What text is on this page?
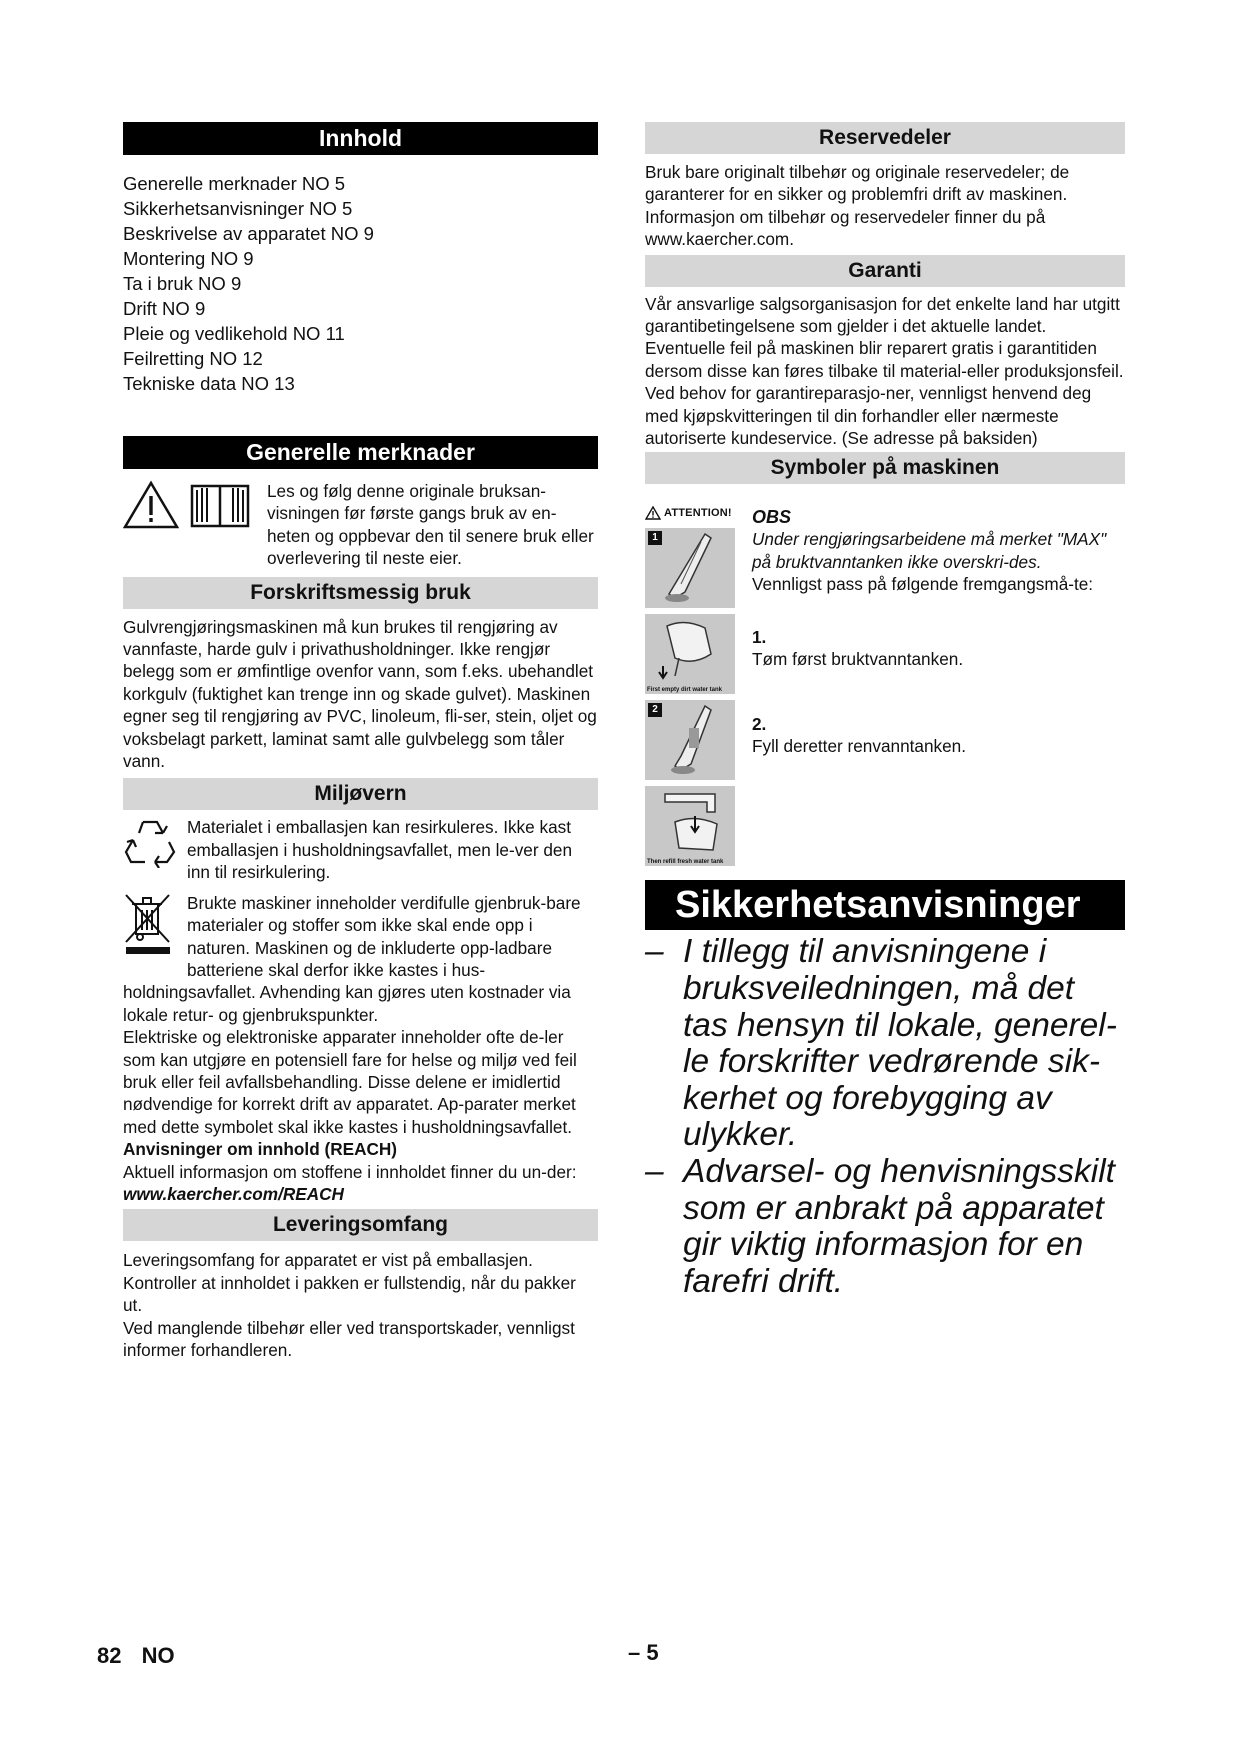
Innhold
Generelle merknader NO 5
Sikkerhetsanvisninger NO 5
Beskrivelse av apparatet NO 9
Montering NO 9
Ta i bruk NO 9
Drift NO 9
Pleie og vedlikehold NO 11
Feilretting NO 12
Tekniske data NO 13
Generelle merknader

Les og følg denne originale bruksan-visningen før første gangs bruk av en-heten og oppbevar den til senere bruk eller overlevering til neste eier.

Forskriftsmessig bruk

Gulvrengjøringsmaskinen må kun brukes til rengjøring av vannfaste, harde gulv i privathusholdninger. Ikke rengjør belegg som er ømfintlige ovenfor vann, som f.eks. ubehandlet korkgulv (fuktighet kan trenge inn og skade gulvet). Maskinen egner seg til rengjøring av PVC, linoleum, fli-ser, stein, oljet og voksbelagt parkett, laminat samt alle gulvbelegg som tåler vann.

Miljøvern

Materialet i emballasjen kan resirkuleres. Ikke kast emballasjen i husholdningsavfallet, men le-ver den inn til resirkulering.

Brukte maskiner inneholder verdifulle gjenbruk-bare materialer og stoffer som ikke skal ende opp i naturen. Maskinen og de inkluderte opp-ladbare batteriene skal derfor ikke kastes i hus-holdningsavfallet. Avhending kan gjøres uten kostnader via lokale retur- og gjenbrukspunkter.

Elektriske og elektroniske apparater inneholder ofte de-ler som kan utgjøre en potensiell fare for helse og miljø ved feil bruk eller feil avfallsbehandling. Disse delene er imidlertid nødvendige for korrekt drift av apparatet. Ap-parater merket med dette symbolet skal ikke kastes i husholdningsavfallet.

Anvisninger om innhold (REACH)

Aktuell informasjon om stoffene i innholdet finner du un-der:

www.kaercher.com/REACH

Leveringsomfang

Leveringsomfang for apparatet er vist på emballasjen. Kontroller at innholdet i pakken er fullstendig, når du pakker ut.

Ved manglende tilbehør eller ved transportskader, vennligst informer forhandleren.

Reservedeler

Bruk bare originalt tilbehør og originale reservedeler; de garanterer for en sikker og problemfri drift av maskinen. Informasjon om tilbehør og reservedeler finner du på www.kaercher.com.

Garanti

Vår ansvarlige salgsorganisasjon for det enkelte land har utgitt garantibetingelsene som gjelder i det aktuelle landet. Eventuelle feil på maskinen blir reparert gratis i garantitiden dersom disse kan føres tilbake til material-eller produksjonsfeil. Ved behov for garantireparasjo-ner, vennligst henvend deg med kjøpskvitteringen til din forhandler eller nærmeste autoriserte kundeservice. (Se adresse på baksiden)

Symboler på maskinen
ATTENTION!
1
First empty dirt water tank
2
Then refill fresh water tank

OBS

Under rengjøringsarbeidene må merket "MAX" på bruktvanntanken ikke overskri-des.

Vennligst pass på følgende fremgangsmå-te:

1.

Tøm først bruktvanntanken.

2.

Fyll deretter renvanntanken.

Sikkerhetsanvisninger
– I tillegg til anvisningene i bruksveiledningen, må det tas hensyn til lokale, generel-le forskrifter vedrørende sik-kerhet og forebygging av ulykker.
– Advarsel- og henvisningsskilt som er anbrakt på apparatet gir viktig informasjon for en farefri drift.
82 NO	– 5
